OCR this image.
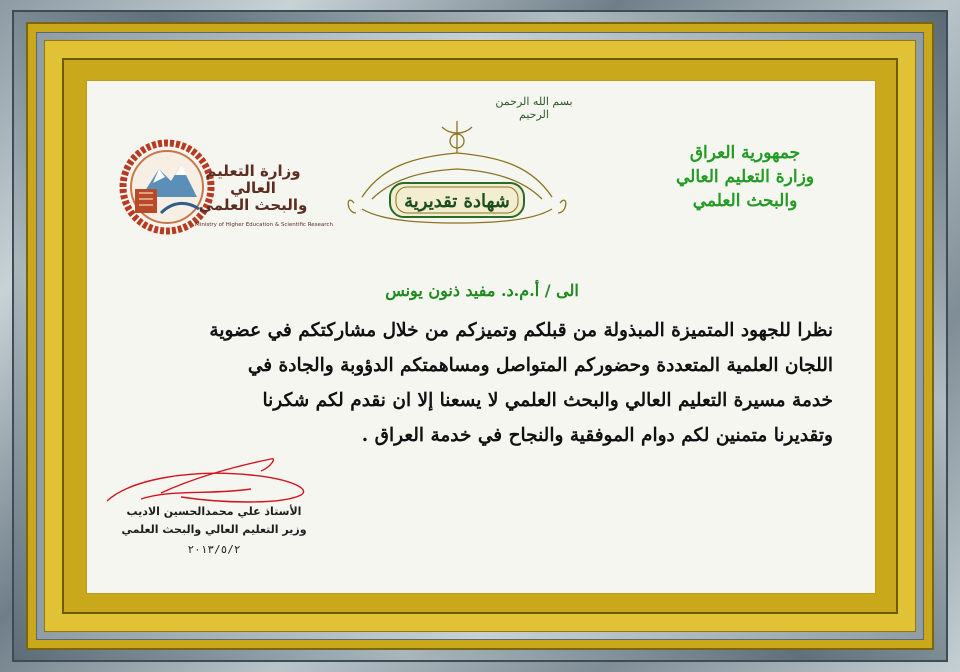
بسم الله الرحمن الرحيم
شهادة تقديرية
جمهورية العراق
وزارة التعليم العالي
والبحث العلمي
وزارة التعليم العالي
والبحث العلمي
Ministry of Higher Education & Scientific Research
الى / أ.م.د. مفيد ذنون يونس
نظرا للجهود المتميزة المبذولة من قبلكم وتميزكم من خلال مشاركتكم في عضوية
اللجان العلمية المتعددة وحضوركم المتواصل ومساهمتكم الدؤوبة والجادة في
خدمة مسيرة التعليم العالي والبحث العلمي لا يسعنا إلا ان نقدم لكم شكرنا
وتقديرنا متمنين لكم دوام الموفقية والنجاح في خدمة العراق .
الأستاذ علي محمدالحسين الاديب
وزير التعليم العالي والبحث العلمي
٢٠١٣/٥/٢
